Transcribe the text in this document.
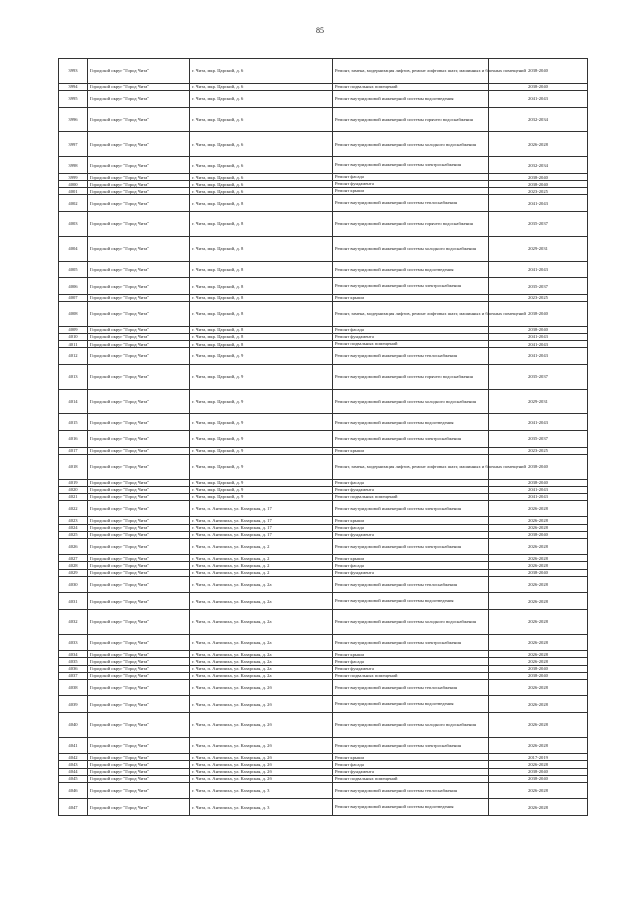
85
3993	Городской округ "Город Чита"	г. Чита, мкр. Царский, д. 6	Ремонт, замена, модернизация лифтов, ремонт лифтовых шахт, машинных и блочных помещений	2038-2040
3994	Городской округ "Город Чита"	г. Чита, мкр. Царский, д. 6	Ремонт подвальных помещений	2038-2040
3995	Городской округ "Город Чита"	г. Чита, мкр. Царский, д. 6	Ремонт внутридомовой инженерной системы водоотведения	2041-2043
3996	Городской округ "Город Чита"	г. Чита, мкр. Царский, д. 6	Ремонт внутридомовой инженерной системы горячего водоснабжения	2032-2034
3997	Городской округ "Город Чита"	г. Чита, мкр. Царский, д. 6	Ремонт внутридомовой инженерной системы холодного водоснабжения	2026-2028
3998	Городской округ "Город Чита"	г. Чита, мкр. Царский, д. 6	Ремонт внутридомовой инженерной системы электроснабжения	2032-2034
3999	Городской округ "Город Чита"	г. Чита, мкр. Царский, д. 6	Ремонт фасада	2038-2040
4000	Городской округ "Город Чита"	г. Чита, мкр. Царский, д. 6	Ремонт фундамента	2038-2040
4001	Городской округ "Город Чита"	г. Чита, мкр. Царский, д. 6	Ремонт крыши	2023-2025
4002	Городской округ "Город Чита"	г. Чита, мкр. Царский, д. 8	Ремонт внутридомовой инженерной системы теплоснабжения	2041-2043
4003	Городской округ "Город Чита"	г. Чита, мкр. Царский, д. 8	Ремонт внутридомовой инженерной системы горячего водоснабжения	2035-2037
4004	Городской округ "Город Чита"	г. Чита, мкр. Царский, д. 8	Ремонт внутридомовой инженерной системы холодного водоснабжения	2029-2031
4005	Городской округ "Город Чита"	г. Чита, мкр. Царский, д. 8	Ремонт внутридомовой инженерной системы водоотведения	2041-2043
4006	Городской округ "Город Чита"	г. Чита, мкр. Царский, д. 8	Ремонт внутридомовой инженерной системы электроснабжения	2035-2037
4007	Городской округ "Город Чита"	г. Чита, мкр. Царский, д. 8	Ремонт крыши	2023-2025
4008	Городской округ "Город Чита"	г. Чита, мкр. Царский, д. 8	Ремонт, замена, модернизация лифтов, ремонт лифтовых шахт, машинных и блочных помещений	2038-2040
4009	Городской округ "Город Чита"	г. Чита, мкр. Царский, д. 8	Ремонт фасада	2038-2040
4010	Городской округ "Город Чита"	г. Чита, мкр. Царский, д. 8	Ремонт фундамента	2041-2043
4011	Городской округ "Город Чита"	г. Чита, мкр. Царский, д. 8	Ремонт подвальных помещений	2041-2043
4012	Городской округ "Город Чита"	г. Чита, мкр. Царский, д. 9	Ремонт внутридомовой инженерной системы теплоснабжения	2041-2043
4013	Городской округ "Город Чита"	г. Чита, мкр. Царский, д. 9	Ремонт внутридомовой инженерной системы горячего водоснабжения	2035-2037
4014	Городской округ "Город Чита"	г. Чита, мкр. Царский, д. 9	Ремонт внутридомовой инженерной системы холодного водоснабжения	2029-2031
4015	Городской округ "Город Чита"	г. Чита, мкр. Царский, д. 9	Ремонт внутридомовой инженерной системы водоотведения	2041-2043
4016	Городской округ "Город Чита"	г. Чита, мкр. Царский, д. 9	Ремонт внутридомовой инженерной системы электроснабжения	2035-2037
4017	Городской округ "Город Чита"	г. Чита, мкр. Царский, д. 9	Ремонт крыши	2023-2025
4018	Городской округ "Город Чита"	г. Чита, мкр. Царский, д. 9	Ремонт, замена, модернизация лифтов, ремонт лифтовых шахт, машинных и блочных помещений	2038-2040
4019	Городской округ "Город Чита"	г. Чита, мкр. Царский, д. 9	Ремонт фасада	2038-2040
4020	Городской округ "Город Чита"	г. Чита, мкр. Царский, д. 9	Ремонт фундамента	2041-2043
4021	Городской округ "Город Чита"	г. Чита, мкр. Царский, д. 9	Ремонт подвальных помещений	2041-2043
4022	Городской округ "Город Чита"	г. Чита, п. Антипиха, ул. Казарская, д. 17	Ремонт внутридомовой инженерной системы электроснабжения	2026-2028
4023	Городской округ "Город Чита"	г. Чита, п. Антипиха, ул. Казарская, д. 17	Ремонт крыши	2026-2028
4024	Городской округ "Город Чита"	г. Чита, п. Антипиха, ул. Казарская, д. 17	Ремонт фасада	2026-2028
4025	Городской округ "Город Чита"	г. Чита, п. Антипиха, ул. Казарская, д. 17	Ремонт фундамента	2038-2040
4026	Городской округ "Город Чита"	г. Чита, п. Антипиха, ул. Казарская, д. 2	Ремонт внутридомовой инженерной системы электроснабжения	2026-2028
4027	Городской округ "Город Чита"	г. Чита, п. Антипиха, ул. Казарская, д. 2	Ремонт крыши	2026-2028
4028	Городской округ "Город Чита"	г. Чита, п. Антипиха, ул. Казарская, д. 2	Ремонт фасада	2026-2028
4029	Городской округ "Город Чита"	г. Чита, п. Антипиха, ул. Казарская, д. 2	Ремонт фундамента	2038-2040
4030	Городской округ "Город Чита"	г. Чита, п. Антипиха, ул. Казарская, д. 2а	Ремонт внутридомовой инженерной системы теплоснабжения	2026-2028
4031	Городской округ "Город Чита"	г. Чита, п. Антипиха, ул. Казарская, д. 2а	Ремонт внутридомовой инженерной системы водоотведения	2026-2028
4032	Городской округ "Город Чита"	г. Чита, п. Антипиха, ул. Казарская, д. 2а	Ремонт внутридомовой инженерной системы холодного водоснабжения	2026-2028
4033	Городской округ "Город Чита"	г. Чита, п. Антипиха, ул. Казарская, д. 2а	Ремонт внутридомовой инженерной системы электроснабжения	2026-2028
4034	Городской округ "Город Чита"	г. Чита, п. Антипиха, ул. Казарская, д. 2а	Ремонт крыши	2026-2028
4035	Городской округ "Город Чита"	г. Чита, п. Антипиха, ул. Казарская, д. 2а	Ремонт фасада	2026-2028
4036	Городской округ "Город Чита"	г. Чита, п. Антипиха, ул. Казарская, д. 2а	Ремонт фундамента	2038-2040
4037	Городской округ "Город Чита"	г. Чита, п. Антипиха, ул. Казарская, д. 2а	Ремонт подвальных помещений	2038-2040
4038	Городской округ "Город Чита"	г. Чита, п. Антипиха, ул. Казарская, д. 2б	Ремонт внутридомовой инженерной системы теплоснабжения	2026-2028
4039	Городской округ "Город Чита"	г. Чита, п. Антипиха, ул. Казарская, д. 2б	Ремонт внутридомовой инженерной системы водоотведения	2026-2028
4040	Городской округ "Город Чита"	г. Чита, п. Антипиха, ул. Казарская, д. 2б	Ремонт внутридомовой инженерной системы холодного водоснабжения	2026-2028
4041	Городской округ "Город Чита"	г. Чита, п. Антипиха, ул. Казарская, д. 2б	Ремонт внутридомовой инженерной системы электроснабжения	2026-2028
4042	Городской округ "Город Чита"	г. Чита, п. Антипиха, ул. Казарская, д. 2б	Ремонт крыши	2017-2019
4043	Городской округ "Город Чита"	г. Чита, п. Антипиха, ул. Казарская, д. 2б	Ремонт фасада	2026-2028
4044	Городской округ "Город Чита"	г. Чита, п. Антипиха, ул. Казарская, д. 2б	Ремонт фундамента	2038-2040
4045	Городской округ "Город Чита"	г. Чита, п. Антипиха, ул. Казарская, д. 2б	Ремонт подвальных помещений	2038-2040
4046	Городской округ "Город Чита"	г. Чита, п. Антипиха, ул. Казарская, д. 3	Ремонт внутридомовой инженерной системы теплоснабжения	2026-2028
4047	Городской округ "Город Чита"	г. Чита, п. Антипиха, ул. Казарская, д. 3	Ремонт внутридомовой инженерной системы водоотведения	2026-2028
